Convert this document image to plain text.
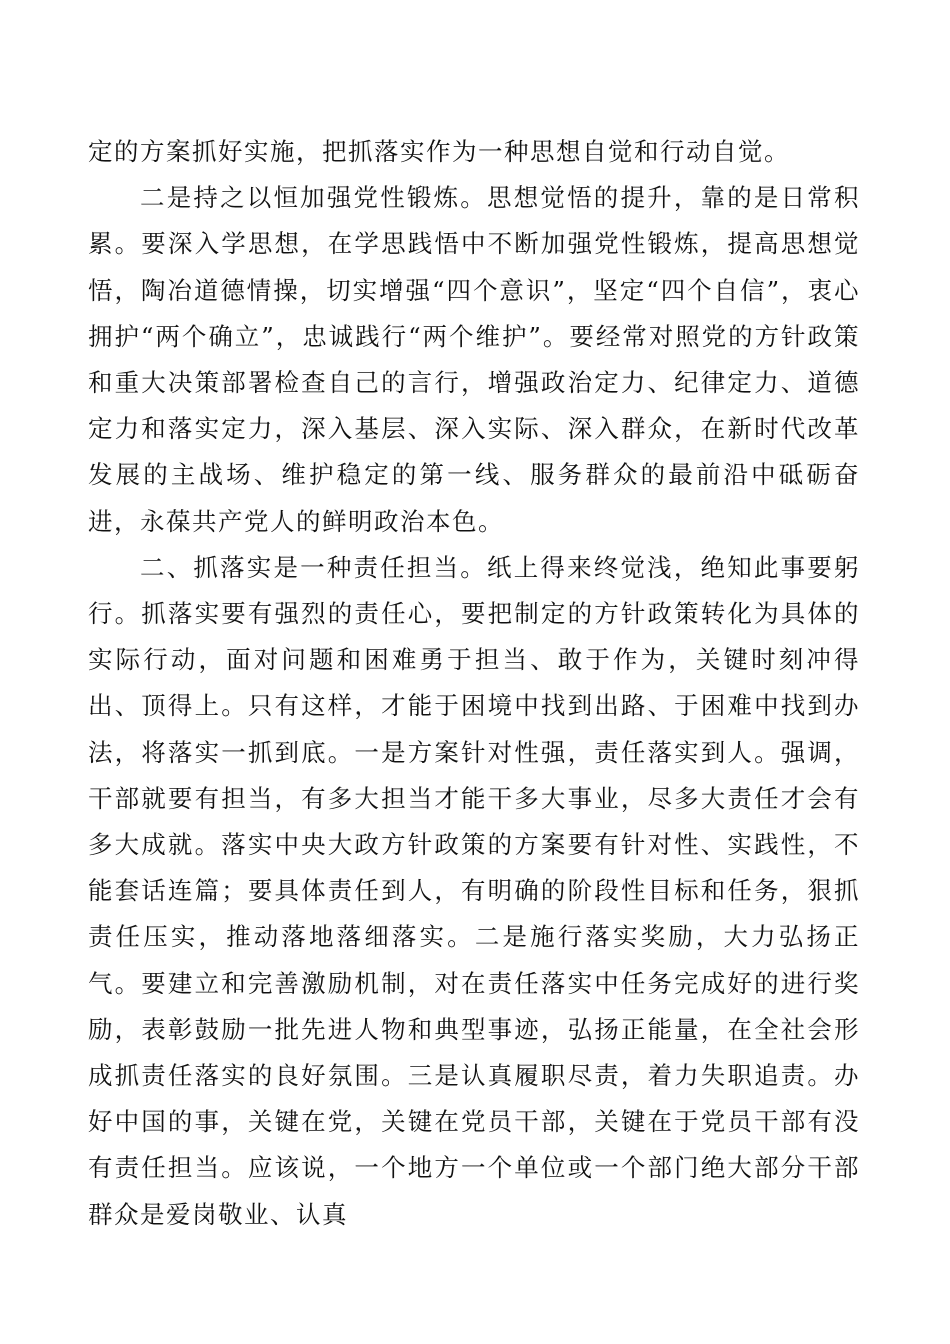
定的方案抓好实施，把抓落实作为一种思想自觉和行动自觉。

二是持之以恒加强党性锻炼。思想觉悟的提升，靠的是日常积累。要深入学思想，在学思践悟中不断加强党性锻炼，提高思想觉悟，陶冶道德情操，切实增强“四个意识”，坚定“四个自信”，衷心拥护“两个确立”，忠诚践行“两个维护”。要经常对照党的方针政策和重大决策部署检查自己的言行，增强政治定力、纪律定力、道德定力和落实定力，深入基层、深入实际、深入群众，在新时代改革发展的主战场、维护稳定的第一线、服务群众的最前沿中砥砺奋进，永葆共产党人的鲜明政治本色。

二、抓落实是一种责任担当。纸上得来终觉浅，绝知此事要躬行。抓落实要有强烈的责任心，要把制定的方针政策转化为具体的实际行动，面对问题和困难勇于担当、敢于作为，关键时刻冲得出、顶得上。只有这样，才能于困境中找到出路、于困难中找到办法，将落实一抓到底。一是方案针对性强，责任落实到人。强调，干部就要有担当，有多大担当才能干多大事业，尽多大责任才会有多大成就。落实中央大政方针政策的方案要有针对性、实践性，不能套话连篇；要具体责任到人，有明确的阶段性目标和任务，狠抓责任压实，推动落地落细落实。二是施行落实奖励，大力弘扬正气。要建立和完善激励机制，对在责任落实中任务完成好的进行奖励，表彰鼓励一批先进人物和典型事迹，弘扬正能量，在全社会形成抓责任落实的良好氛围。三是认真履职尽责，着力失职追责。办好中国的事，关键在党，关键在党员干部，关键在于党员干部有没有责任担当。应该说，一个地方一个单位或一个部门绝大部分干部群众是爱岗敬业、认真
